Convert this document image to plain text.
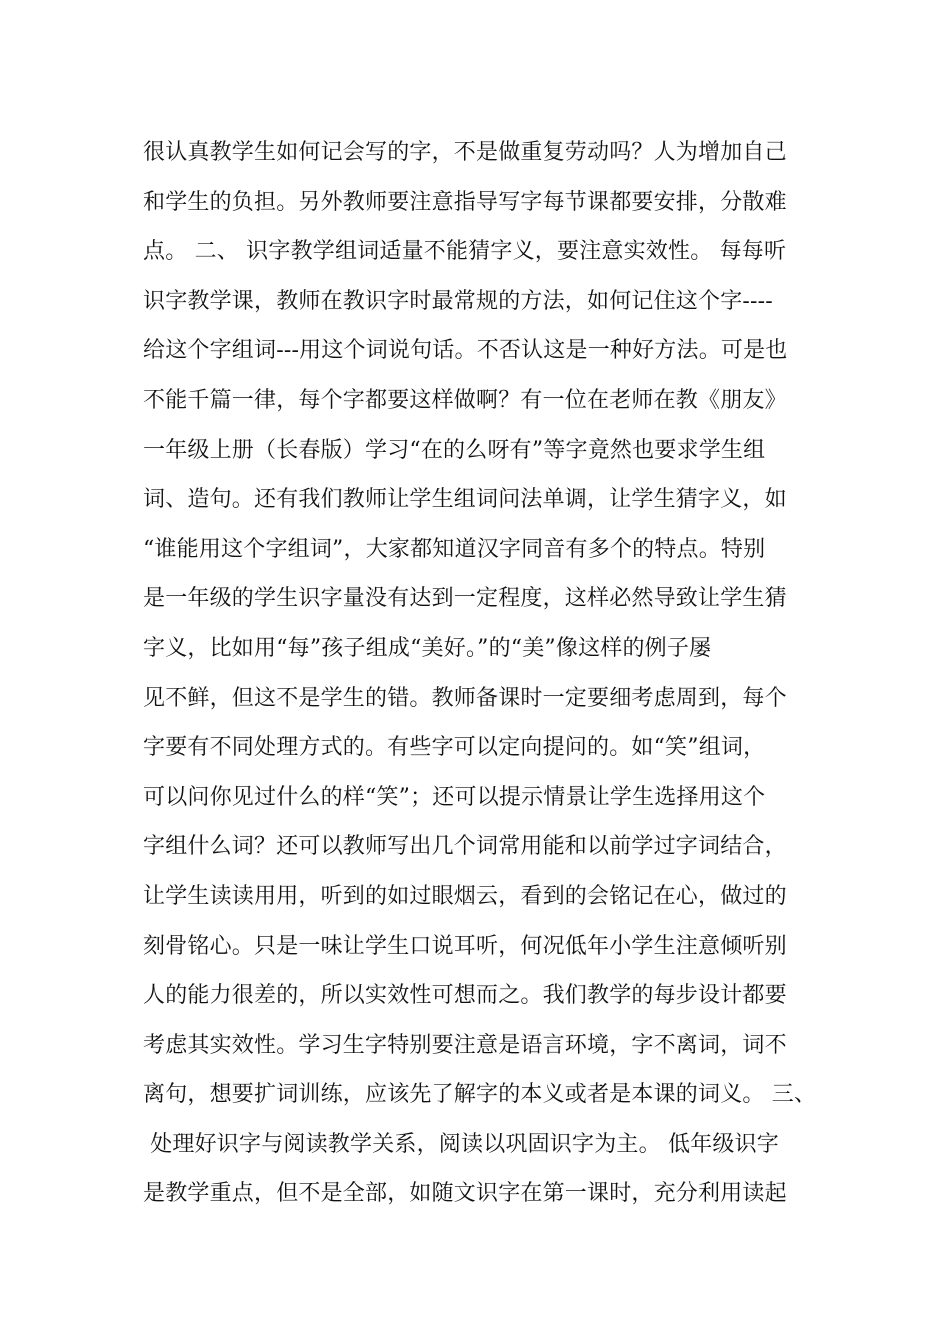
很认真教学生如何记会写的字，不是做重复劳动吗？人为增加自己
和学生的负担。另外教师要注意指导写字每节课都要安排，分散难
点。 二、 识字教学组词适量不能猜字义，要注意实效性。 每每听
识字教学课，教师在教识字时最常规的方法，如何记住这个字----
给这个字组词---用这个词说句话。不否认这是一种好方法。可是也
不能千篇一律，每个字都要这样做啊？有一位在老师在教《朋友》
一年级上册（长春版）学习“在的么呀有”等字竟然也要求学生组
词、造句。还有我们教师让学生组词问法单调，让学生猜字义，如
“谁能用这个字组词”，大家都知道汉字同音有多个的特点。特别
是一年级的学生识字量没有达到一定程度，这样必然导致让学生猜
字义，比如用“每”孩子组成“美好。”的“美”像这样的例子屡
见不鲜，但这不是学生的错。教师备课时一定要细考虑周到，每个
字要有不同处理方式的。有些字可以定向提问的。如“笑”组词，
可以问你见过什么的样“笑”；还可以提示情景让学生选择用这个
字组什么词？还可以教师写出几个词常用能和以前学过字词结合，
让学生读读用用，听到的如过眼烟云，看到的会铭记在心，做过的
刻骨铭心。只是一味让学生口说耳听，何况低年小学生注意倾听别
人的能力很差的，所以实效性可想而之。我们教学的每步设计都要
考虑其实效性。学习生字特别要注意是语言环境，字不离词，词不
离句，想要扩词训练，应该先了解字的本义或者是本课的词义。 三、
处理好识字与阅读教学关系，阅读以巩固识字为主。 低年级识字
是教学重点，但不是全部，如随文识字在第一课时，充分利用读起
